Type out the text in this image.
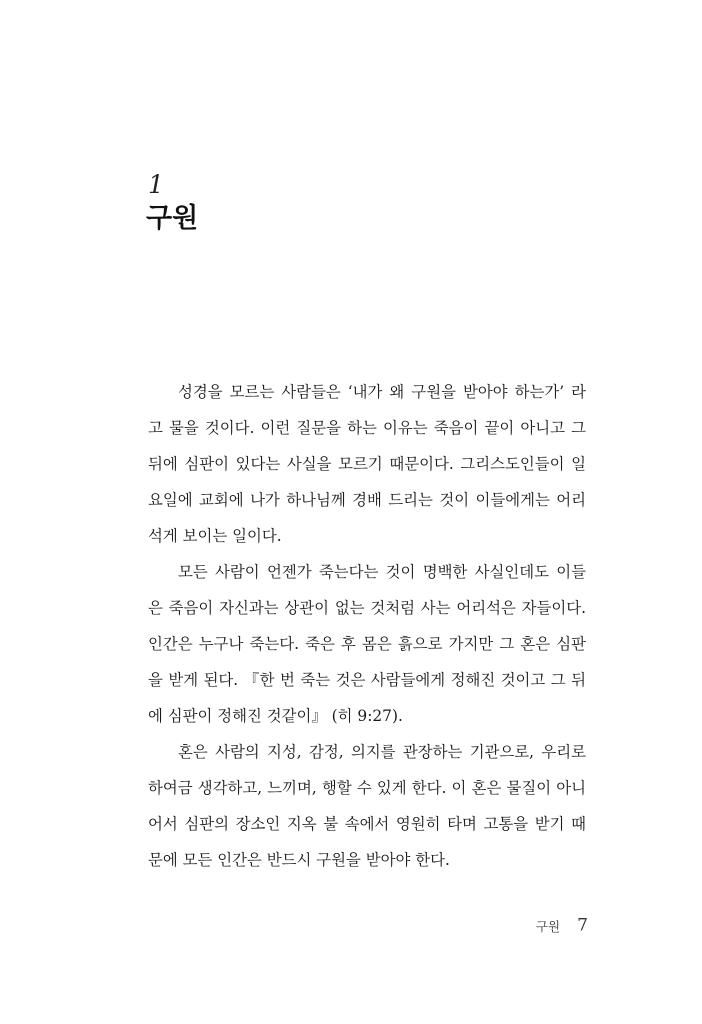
1
구원
성경을 모르는 사람들은 ‘내가 왜 구원을 받아야 하는가’ 라
고 물을 것이다. 이런 질문을 하는 이유는 죽음이 끝이 아니고 그
뒤에 심판이 있다는 사실을 모르기 때문이다. 그리스도인들이 일
요일에 교회에 나가 하나님께 경배 드리는 것이 이들에게는 어리
석게 보이는 일이다.
모든 사람이 언젠가 죽는다는 것이 명백한 사실인데도 이들
은 죽음이 자신과는 상관이 없는 것처럼 사는 어리석은 자들이다.
인간은 누구나 죽는다. 죽은 후 몸은 흙으로 가지만 그 혼은 심판
을 받게 된다. 『한 번 죽는 것은 사람들에게 정해진 것이고 그 뒤
에 심판이 정해진 것같이』 (히 9:27).
혼은 사람의 지성, 감정, 의지를 관장하는 기관으로, 우리로
하여금 생각하고, 느끼며, 행할 수 있게 한다. 이 혼은 물질이 아니
어서 심판의 장소인 지옥 불 속에서 영원히 타며 고통을 받기 때
문에 모든 인간은 반드시 구원을 받아야 한다.
구원 7
